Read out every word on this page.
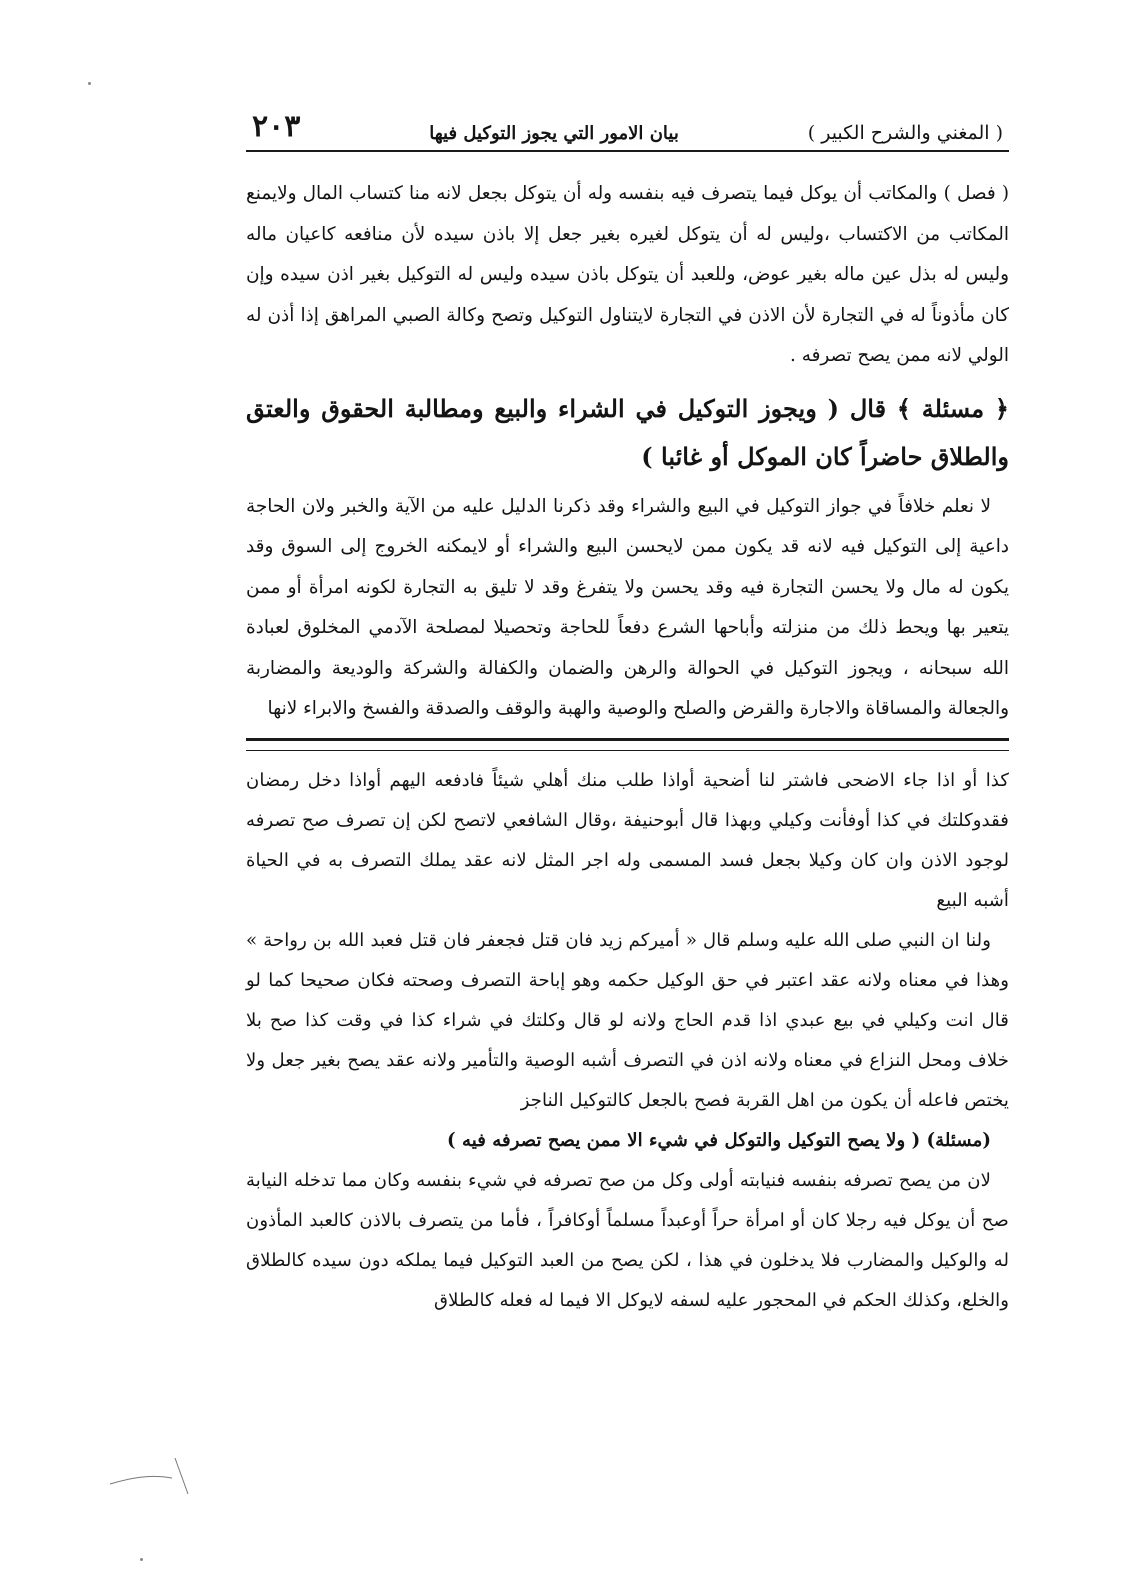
( المغني والشرح الكبير )
بيان الامور التي يجوز التوكيل فيها
٢٠٣

( فصل ) والمكاتب أن يوكل فيما يتصرف فيه بنفسه وله أن يتوكل بجعل لانه منا كتساب المال ولايمنع المكاتب من الاكتساب ،وليس له أن يتوكل لغيره بغير جعل إلا باذن سيده لأن منافعه كاعيان ماله وليس له بذل عين ماله بغير عوض، وللعبد أن يتوكل باذن سيده وليس له التوكيل بغير اذن سيده وإن كان مأذوناً له في التجارة لأن الاذن في التجارة لايتناول التوكيل وتصح وكالة الصبي المراهق إذا أذن له الولي لانه ممن يصح تصرفه .

﴿ مسئلة ﴾ قال ( ويجوز التوكيل في الشراء والبيع ومطالبة الحقوق والعتق والطلاق حاضراً كان الموكل أو غائبا )

لا نعلم خلافاً في جواز التوكيل في البيع والشراء وقد ذكرنا الدليل عليه من الآية والخبر ولان الحاجة داعية إلى التوكيل فيه لانه قد يكون ممن لايحسن البيع والشراء أو لايمكنه الخروج إلى السوق وقد يكون له مال ولا يحسن التجارة فيه وقد يحسن ولا يتفرغ وقد لا تليق به التجارة لكونه امرأة أو ممن يتعير بها ويحط ذلك من منزلته وأباحها الشرع دفعاً للحاجة وتحصيلا لمصلحة الآدمي المخلوق لعبادة الله سبحانه ، ويجوز التوكيل في الحوالة والرهن والضمان والكفالة والشركة والوديعة والمضاربة والجعالة والمساقاة والاجارة والقرض والصلح والوصية والهبة والوقف والصدقة والفسخ والابراء لانها

كذا أو اذا جاء الاضحى فاشتر لنا أضحية أواذا طلب منك أهلي شيئاً فادفعه اليهم أواذا دخل رمضان فقدوكلتك في كذا أوفأنت وكيلي وبهذا قال أبوحنيفة ،وقال الشافعي لاتصح لكن إن تصرف صح تصرفه لوجود الاذن وان كان وكيلا بجعل فسد المسمى وله اجر المثل لانه عقد يملك التصرف به في الحياة أشبه البيع

ولنا ان النبي صلى الله عليه وسلم قال « أميركم زيد فان قتل فجعفر فان قتل فعبد الله بن رواحة » وهذا في معناه ولانه عقد اعتبر في حق الوكيل حكمه وهو إباحة التصرف وصحته فكان صحيحا كما لو قال انت وكيلي في بيع عبدي اذا قدم الحاج ولانه لو قال وكلتك في شراء كذا في وقت كذا صح بلا خلاف ومحل النزاع في معناه ولانه اذن في التصرف أشبه الوصية والتأمير ولانه عقد يصح بغير جعل ولا يختص فاعله أن يكون من اهل القربة فصح بالجعل كالتوكيل الناجز

(مسئلة) ( ولا يصح التوكيل والتوكل في شيء الا ممن يصح تصرفه فيه )

لان من يصح تصرفه بنفسه فنيابته أولى وكل من صح تصرفه في شيء بنفسه وكان مما تدخله النيابة صح أن يوكل فيه رجلا كان أو امرأة حراً أوعبداً مسلماً أوكافراً ، فأما من يتصرف بالاذن كالعبد المأذون له والوكيل والمضارب فلا يدخلون في هذا ، لكن يصح من العبد التوكيل فيما يملكه دون سيده كالطلاق والخلع، وكذلك الحكم في المحجور عليه لسفه لايوكل الا فيما له فعله كالطلاق
